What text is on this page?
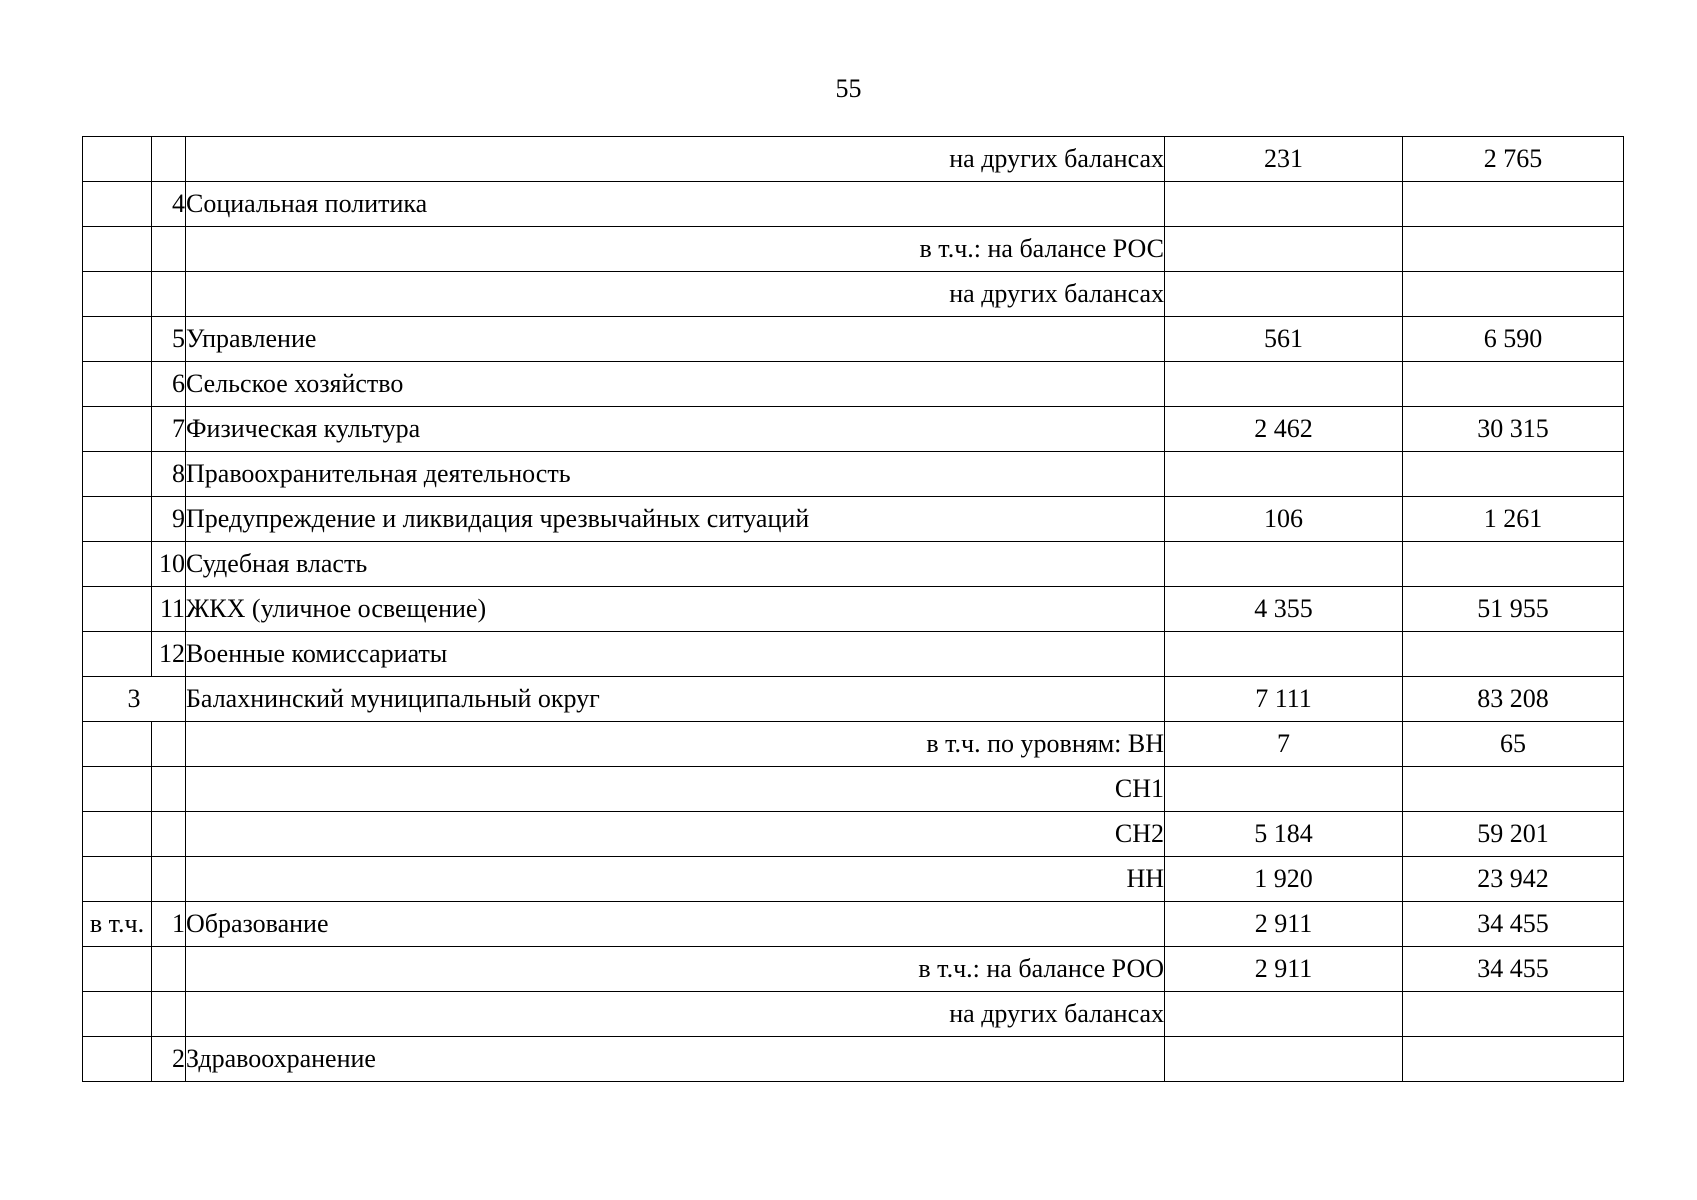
55
		на других балансах	231	2 765
	4	Социальная политика		
		в т.ч.: на балансе РОС		
		на других балансах		
	5	Управление	561	6 590
	6	Сельское хозяйство		
	7	Физическая культура	2 462	30 315
	8	Правоохранительная деятельность		
	9	Предупреждение и ликвидация чрезвычайных ситуаций	106	1 261
	10	Судебная власть		
	11	ЖКХ (уличное освещение)	4 355	51 955
	12	Военные комиссариаты		
3		Балахнинский муниципальный округ	7 111	83 208
		в т.ч. по уровням: ВН	7	65
		СН1		
		СН2	5 184	59 201
		НН	1 920	23 942
в т.ч.	1	Образование	2 911	34 455
		в т.ч.: на балансе РОО	2 911	34 455
		на других балансах		
	2	Здравоохранение		
